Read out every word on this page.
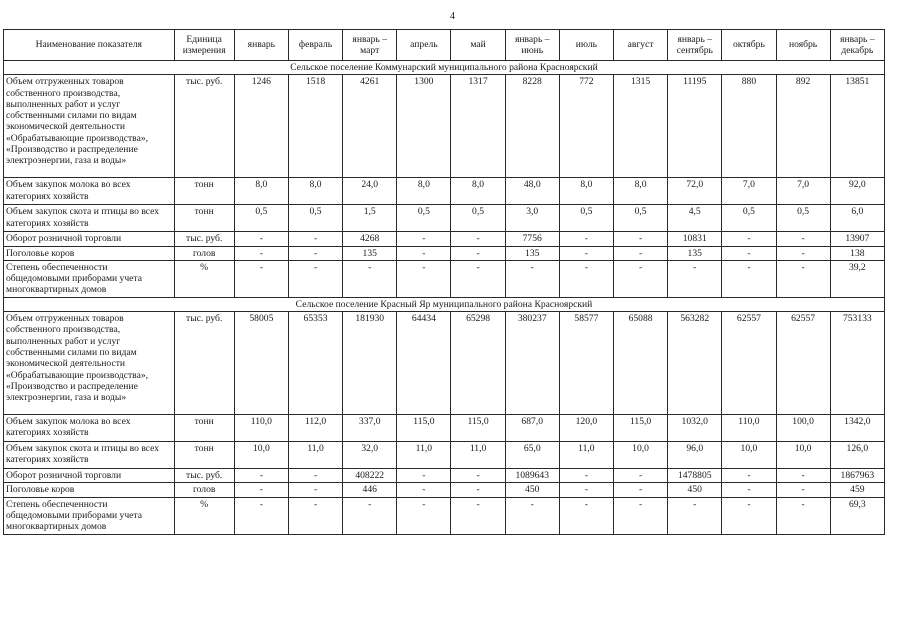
4
Наименование показателя	Единица измерения	январь	февраль	январь – март	апрель	май	январь – июнь	июль	август	январь – сентябрь	октябрь	ноябрь	январь – декабрь
Сельское поселение Коммунарский муниципального района Красноярский													
Объем отгруженных товаров собственного производства, выполненных работ и услуг собственными силами по видам экономической деятельности «Обрабатывающие производства», «Производство и распределение электроэнергии, газа и воды»	тыс. руб.	1246	1518	4261	1300	1317	8228	772	1315	11195	880	892	13851
Объем закупок молока во всех категориях хозяйств	тонн	8,0	8,0	24,0	8,0	8,0	48,0	8,0	8,0	72,0	7,0	7,0	92,0
Объем закупок скота и птицы во всех категориях хозяйств	тонн	0,5	0,5	1,5	0,5	0,5	3,0	0,5	0,5	4,5	0,5	0,5	6,0
Оборот розничной торговли	тыс. руб.	-	-	4268	-	-	7756	-	-	10831	-	-	13907
Поголовье коров	голов	-	-	135	-	-	135	-	-	135	-	-	138
Степень обеспеченности общедомовыми приборами учета многоквартирных домов	%	-	-	-	-	-	-	-	-	-	-	-	39,2
Сельское поселение Красный Яр муниципального района Красноярский													
Объем отгруженных товаров собственного производства, выполненных работ и услуг собственными силами по видам экономической деятельности «Обрабатывающие производства», «Производство и распределение электроэнергии, газа и воды»	тыс. руб.	58005	65353	181930	64434	65298	380237	58577	65088	563282	62557	62557	753133
Объем закупок молока во всех категориях хозяйств	тонн	110,0	112,0	337,0	115,0	115,0	687,0	120,0	115,0	1032,0	110,0	100,0	1342,0
Объем закупок скота и птицы во всех категориях хозяйств	тонн	10,0	11,0	32,0	11,0	11,0	65,0	11,0	10,0	96,0	10,0	10,0	126,0
Оборот розничной торговли	тыс. руб.	-	-	408222	-	-	1089643	-	-	1478805	-	-	1867963
Поголовье коров	голов	-	-	446	-	-	450	-	-	450	-	-	459
Степень обеспеченности общедомовыми приборами учета многоквартирных домов	%	-	-	-	-	-	-	-	-	-	-	-	69,3
